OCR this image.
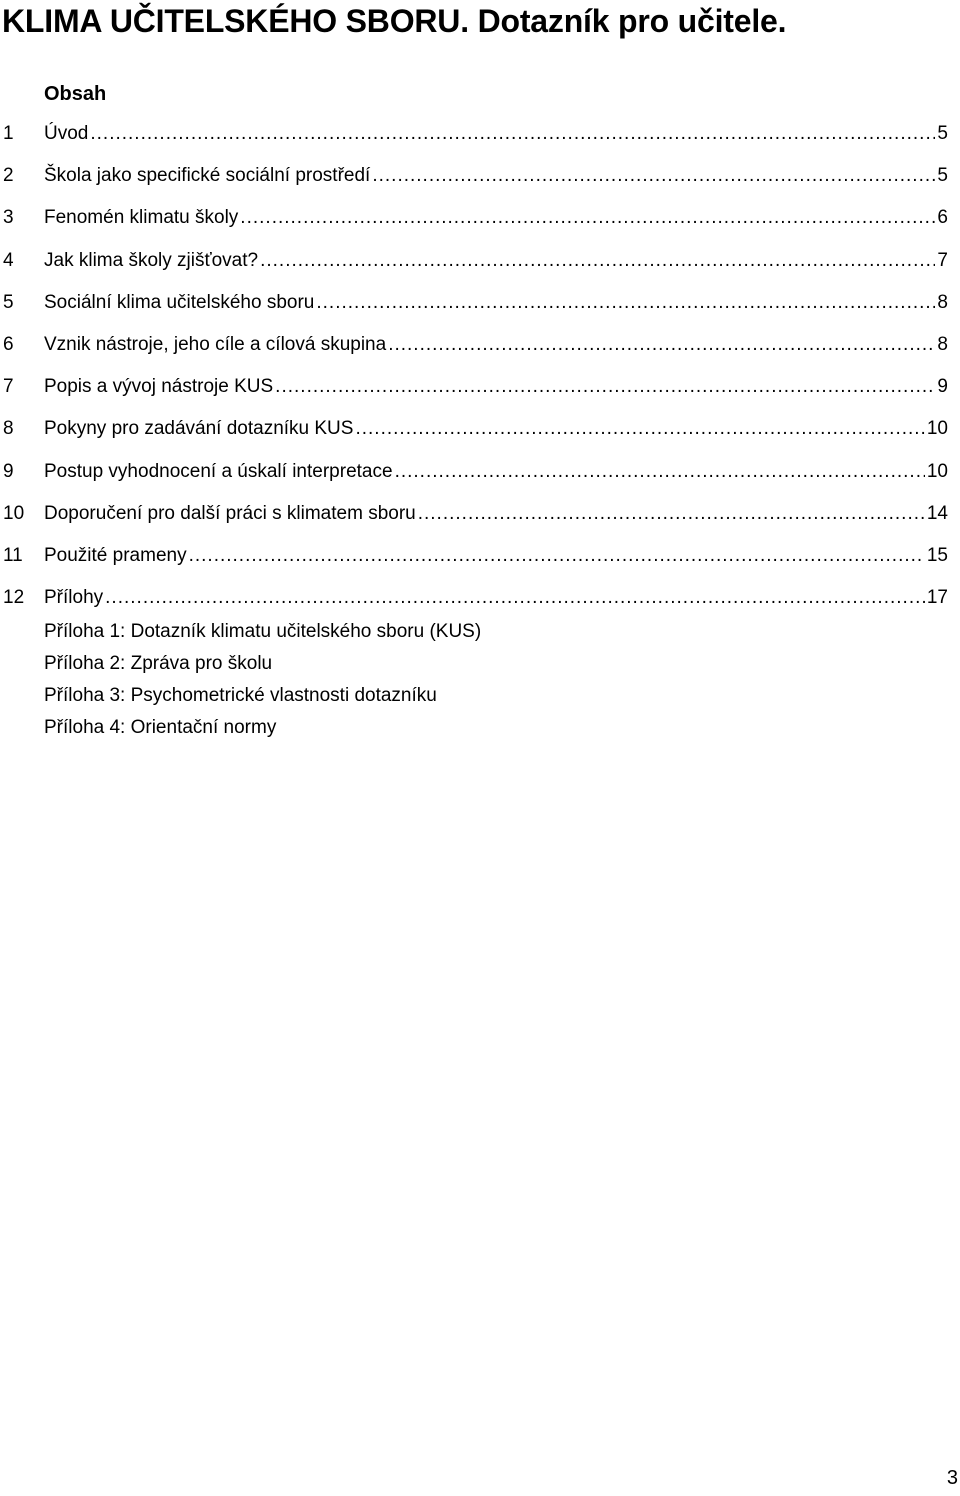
KLIMA UČITELSKÉHO SBORU. Dotazník pro učitele.
Obsah
1	Úvod .....	5
2	Škola jako specifické sociální prostředí .....	5
3	Fenomén klimatu školy .....	6
4	Jak klima školy zjišťovat? .....	7
5	Sociální klima učitelského sboru .....	8
6	Vznik nástroje, jeho cíle a cílová skupina .....	8
7	Popis a vývoj nástroje KUS .....	9
8	Pokyny pro zadávání dotazníku KUS .....	10
9	Postup vyhodnocení a úskalí interpretace .....	10
10	Doporučení pro další práci s klimatem sboru .....	14
11	Použité prameny .....	15
12	Přílohy .....	17
Příloha 1: Dotazník klimatu učitelského sboru (KUS)
Příloha 2: Zpráva pro školu
Příloha 3: Psychometrické vlastnosti dotazníku
Příloha 4: Orientační normy
3
